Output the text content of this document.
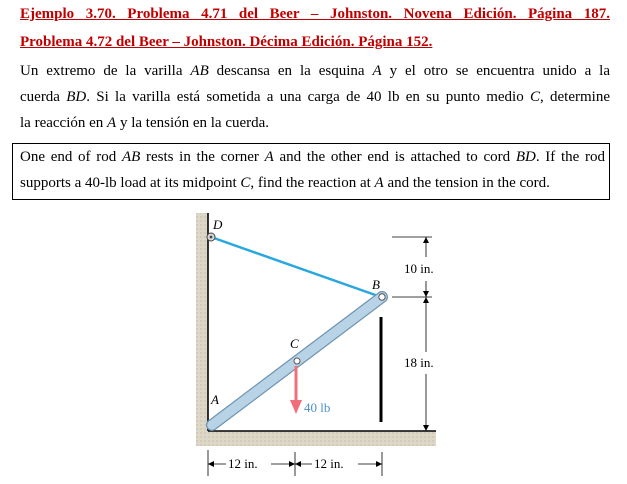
Ejemplo 3.70. Problema 4.71 del Beer – Johnston. Novena Edición. Página 187.
Problema 4.72 del Beer – Johnston. Décima Edición. Página 152.
Un extremo de la varilla AB descansa en la esquina A y el otro se encuentra unido a la
cuerda BD. Si la varilla está sometida a una carga de 40 lb en su punto medio C, determine
la reacción en A y la tensión en la cuerda.
One end of rod AB rests in the corner A and the other end is attached to cord BD. If the rod
supports a 40-lb load at its midpoint C, find the reaction at A and the tension in the cord.
D
B
C
A
40 lb
10 in.
18 in.
12 in.	12 in.
